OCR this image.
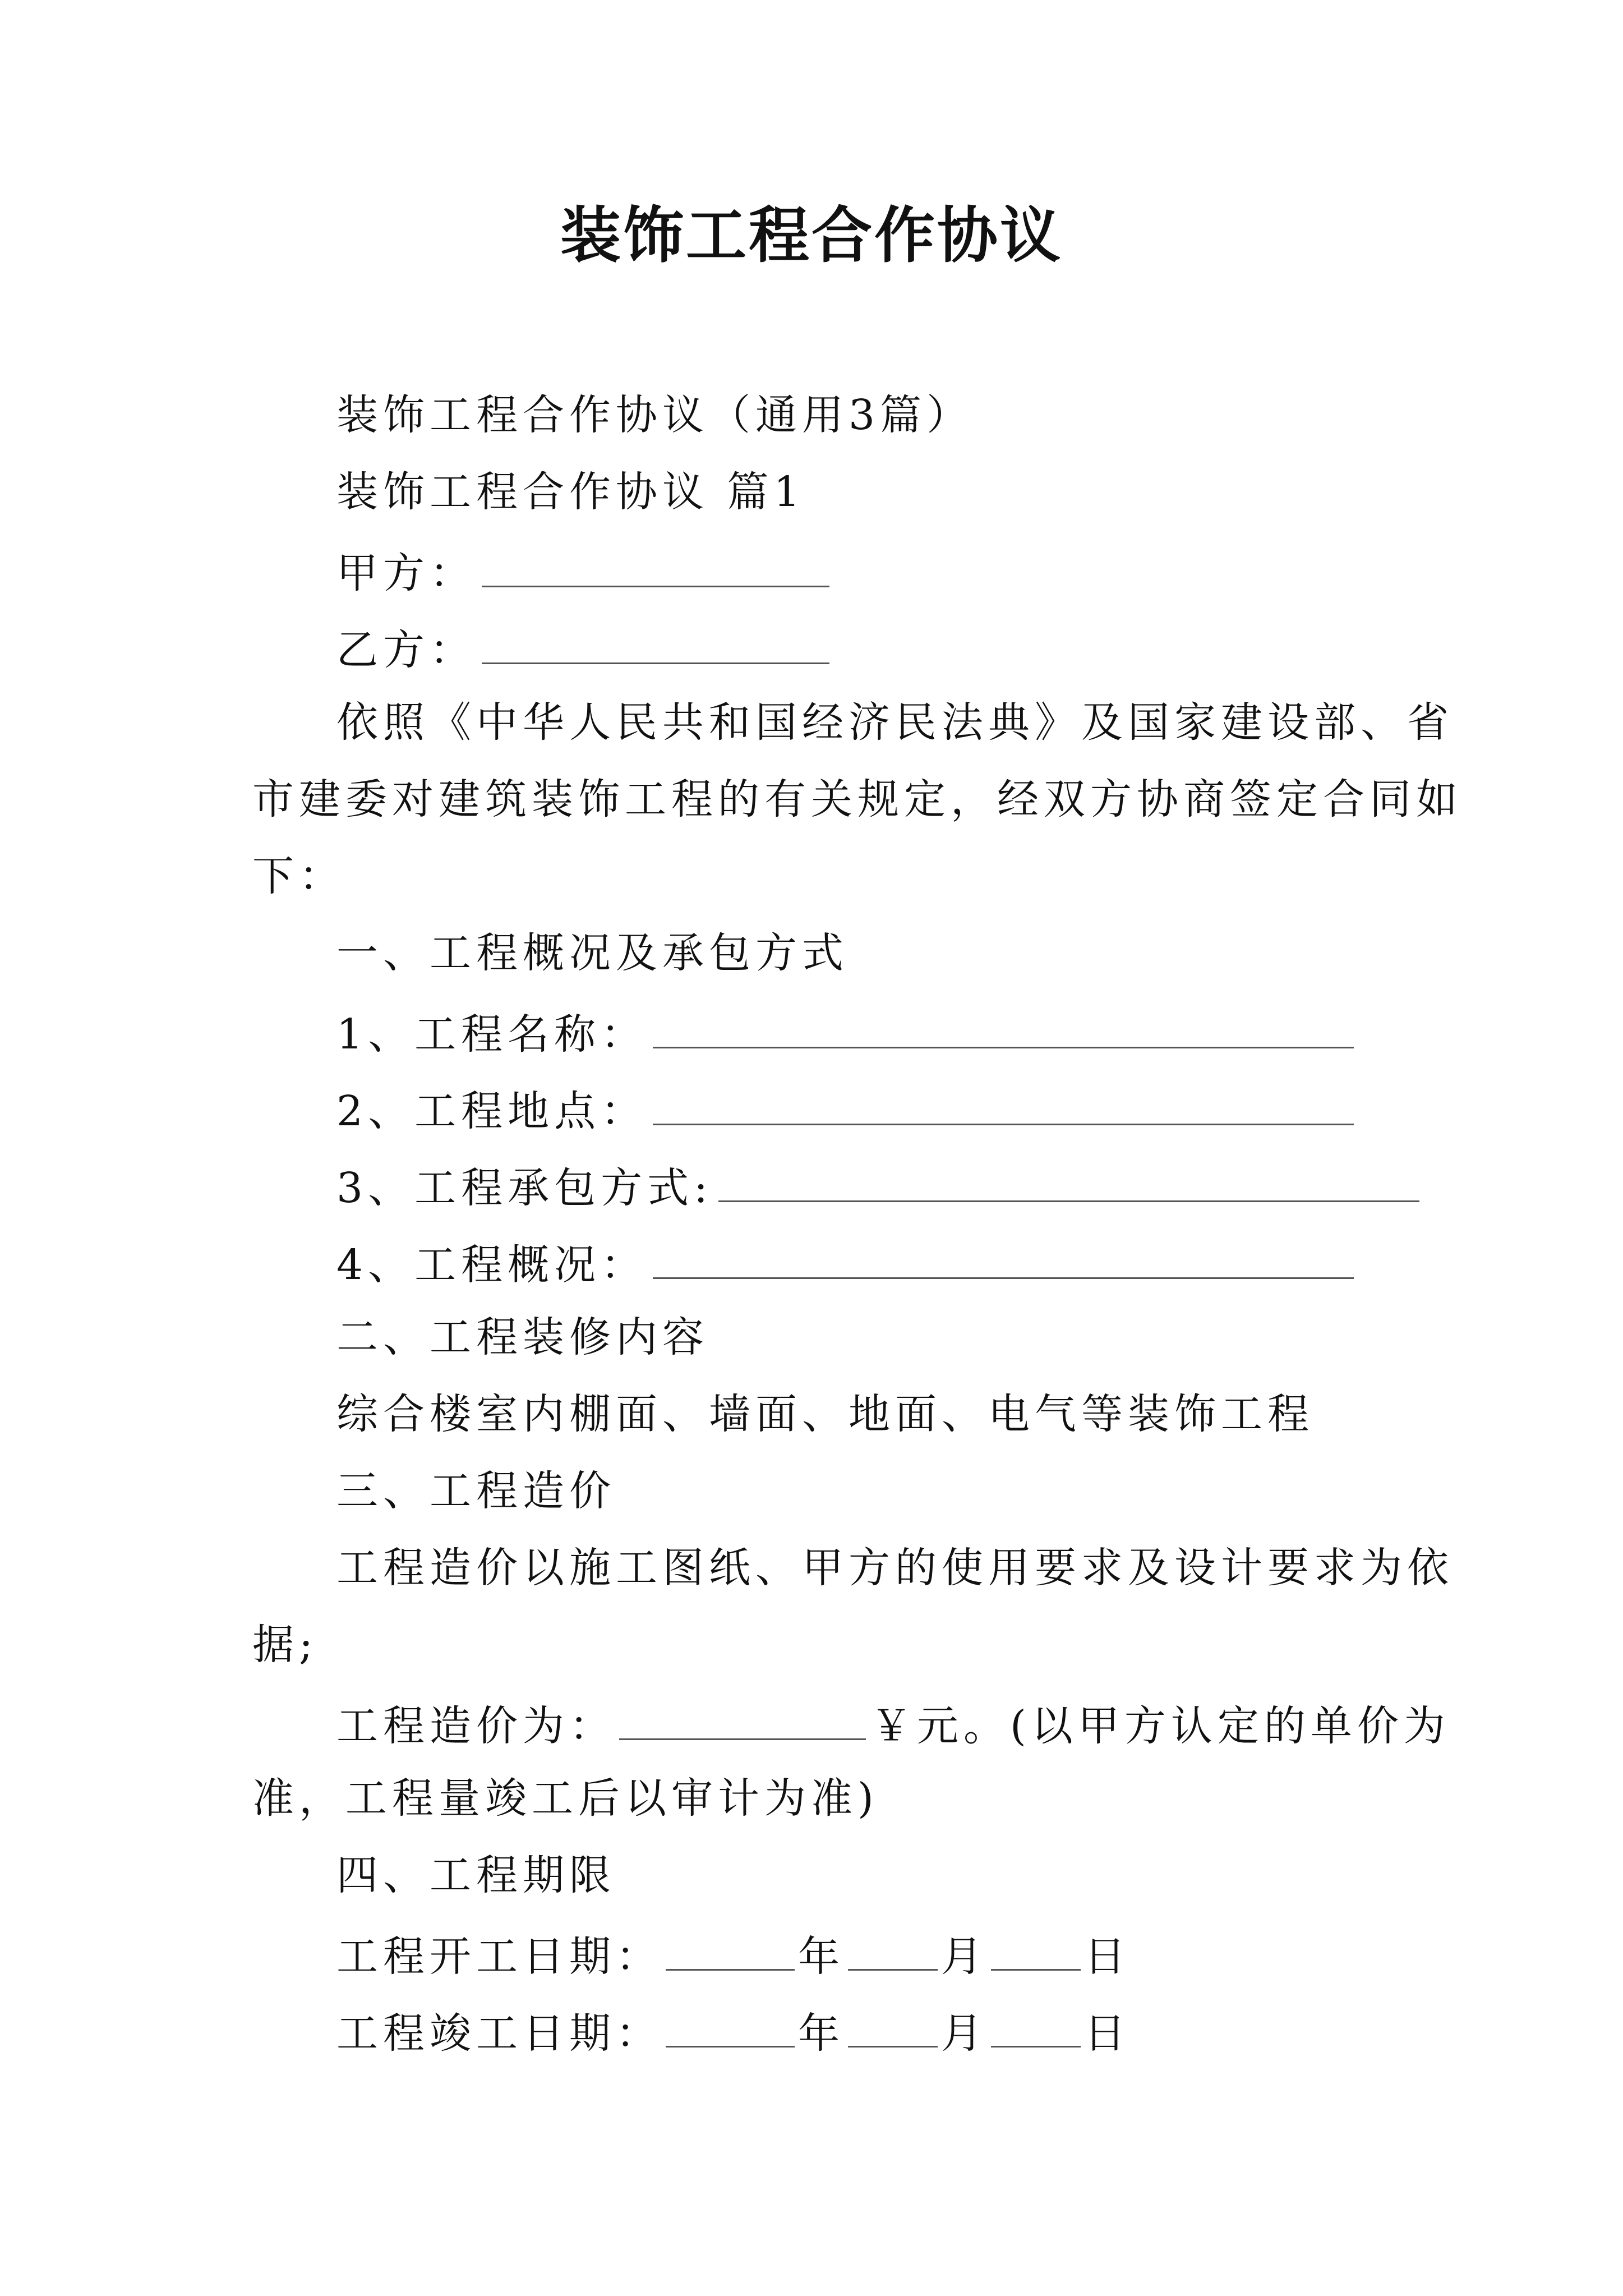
装饰工程合作协议

装饰工程合作协议（通用3篇）

装饰工程合作协议 篇1

甲方：

乙方：

依照《中华人民共和国经济民法典》及国家建设部、省

市建委对建筑装饰工程的有关规定，经双方协商签定合同如

下：

一、工程概况及承包方式

1、工程名称：

2、工程地点：

3、工程承包方式:

4、工程概况：

二、工程装修内容

综合楼室内棚面、墙面、地面、电气等装饰工程

三、工程造价

工程造价以施工图纸、甲方的使用要求及设计要求为依

据;

工程造价为：	￥元。(以甲方认定的单价为

准，工程量竣工后以审计为准)

四、工程期限

工程开工日期：	年 月 日

工程竣工日期：	年 月 日
